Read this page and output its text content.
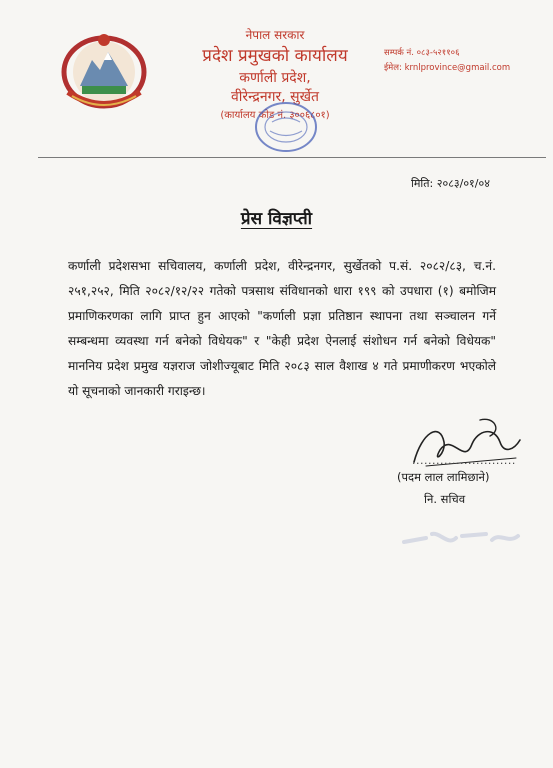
नेपाल सरकार
प्रदेश प्रमुखको कार्यालय
कर्णाली प्रदेश,
वीरेन्द्रनगर, सुर्खेत
(कार्यालय कोड नं. ३००६८०१)
सम्पर्क नं. ०८३-५२११०६
ईमेल: krnlprovince@gmail.com
मिति: २०८३/०१/०४
प्रेस विज्ञप्ती
कर्णाली प्रदेशसभा सचिवालय, कर्णाली प्रदेश, वीरेन्द्रनगर, सुर्खेतको प.सं. २०८२/८३, च.नं. २५१,२५२, मिति २०८२/१२/२२ गतेको पत्रसाथ संविधानको धारा १९९ को उपधारा (१) बमोजिम प्रमाणिकरणका लागि प्राप्त हुन आएको "कर्णाली प्रज्ञा प्रतिष्ठान स्थापना तथा सञ्चालन गर्ने सम्बन्धमा व्यवस्था गर्न बनेको विधेयक" र "केही प्रदेश ऐनलाई संशोधन गर्न बनेको विधेयक" माननिय प्रदेश प्रमुख यज्ञराज जोशीज्यूबाट मिति २०८३ साल वैशाख ४ गते प्रमाणीकरण भएकोले यो सूचनाको जानकारी गराइन्छ।
..........................
(पदम लाल लामिछाने)
नि. सचिव
